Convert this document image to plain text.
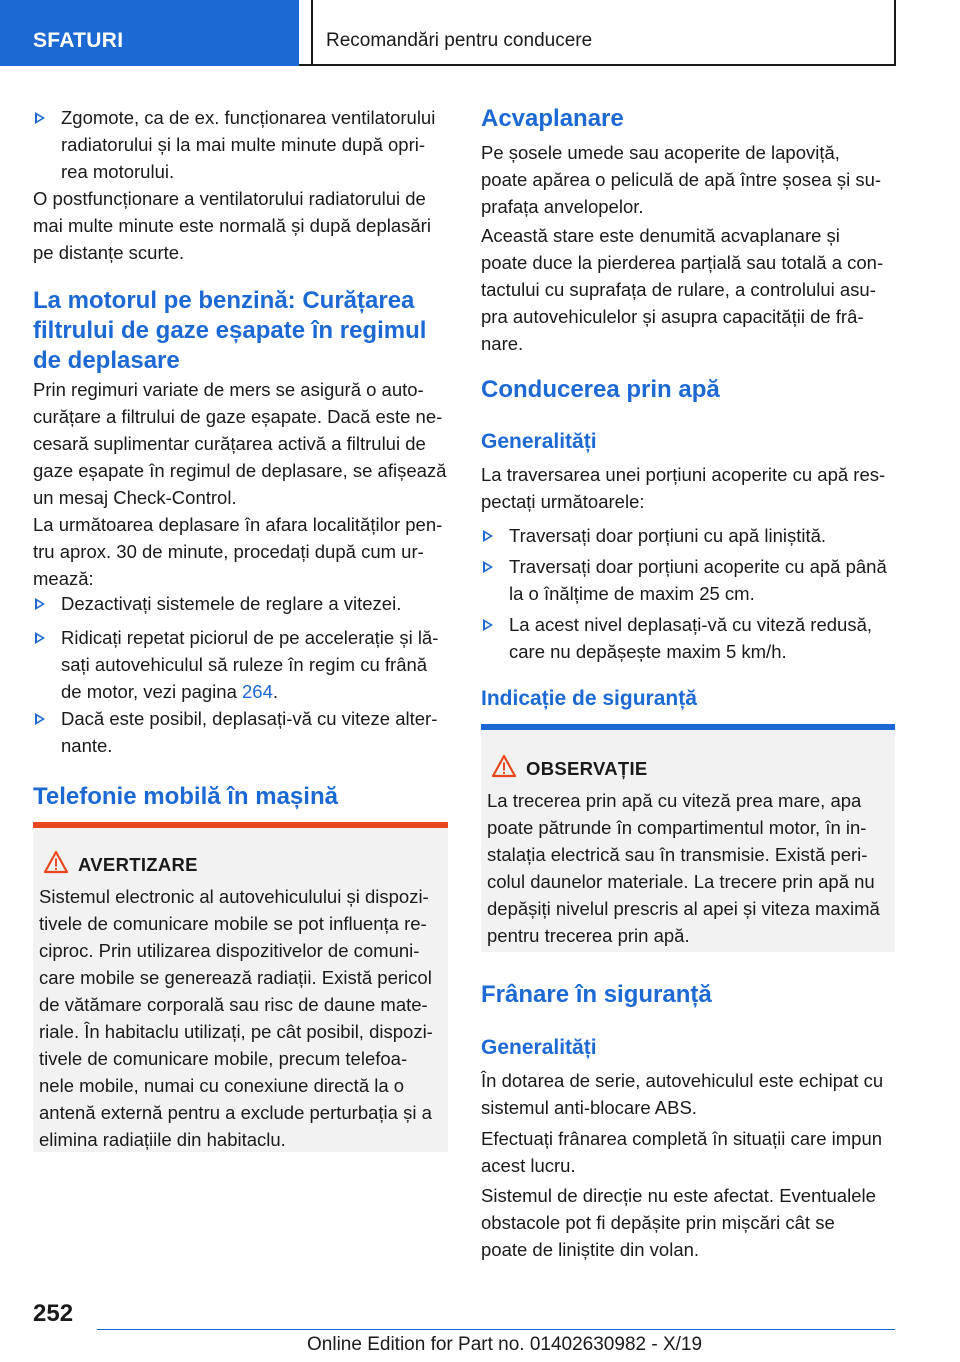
SFATURI	Recomandări pentru conducere
Zgomote, ca de ex. funcționarea ventilatorului
radiatorului și la mai multe minute după opri-
rea motorului.

O postfuncționare a ventilatorului radiatorului de

mai multe minute este normală și după deplasări

pe distanțe scurte.

La motorul pe benzină: Curățarea
filtrului de gaze eșapate în regimul
de deplasare

Prin regimuri variate de mers se asigură o auto-

curățare a filtrului de gaze eșapate. Dacă este ne-

cesară suplimentar curățarea activă a filtrului de

gaze eșapate în regimul de deplasare, se afișează

un mesaj Check-Control.

La următoarea deplasare în afara localităților pen-

tru aprox. 30 de minute, procedați după cum ur-

mează:

Dezactivați sistemele de reglare a vitezei.
Ridicați repetat piciorul de pe accelerație și lă-
sați autovehiculul să ruleze în regim cu frână
de motor, vezi pagina 264.
Dacă este posibil, deplasați-vă cu viteze alter-
nante.
Telefonie mobilă în mașină
AVERTIZARE
Sistemul electronic al autovehiculului și dispozi-
tivele de comunicare mobile se pot influența re-
ciproc. Prin utilizarea dispozitivelor de comuni-
care mobile se generează radiații. Există pericol
de vătămare corporală sau risc de daune mate-
riale. În habitaclu utilizați, pe cât posibil, dispozi-
tivele de comunicare mobile, precum telefoa-
nele mobile, numai cu conexiune directă la o
antenă externă pentru a exclude perturbația și a
elimina radiațiile din habitaclu.
Acvaplanare

Pe șosele umede sau acoperite de lapoviță,

poate apărea o peliculă de apă între șosea și su-

prafața anvelopelor.

Această stare este denumită acvaplanare și

poate duce la pierderea parțială sau totală a con-

tactului cu suprafața de rulare, a controlului asu-

pra autovehiculelor și asupra capacității de frâ-

nare.

Conducerea prin apă
Generalități

La traversarea unei porțiuni acoperite cu apă res-

pectați următoarele:

Traversați doar porțiuni cu apă liniștită.
Traversați doar porțiuni acoperite cu apă până
la o înălțime de maxim 25 cm.
La acest nivel deplasați-vă cu viteză redusă,
care nu depășește maxim 5 km/h.
Indicație de siguranță
OBSERVAȚIE
La trecerea prin apă cu viteză prea mare, apa
poate pătrunde în compartimentul motor, în in-
stalația electrică sau în transmisie. Există peri-
colul daunelor materiale. La trecere prin apă nu
depășiți nivelul prescris al apei și viteza maximă
pentru trecerea prin apă.
Frânare în siguranță
Generalități

În dotarea de serie, autovehiculul este echipat cu

sistemul anti-blocare ABS.

Efectuați frânarea completă în situații care impun

acest lucru.

Sistemul de direcție nu este afectat. Eventualele

obstacole pot fi depășite prin mișcări cât se

poate de liniștite din volan.

252
Online Edition for Part no. 01402630982 - X/19
